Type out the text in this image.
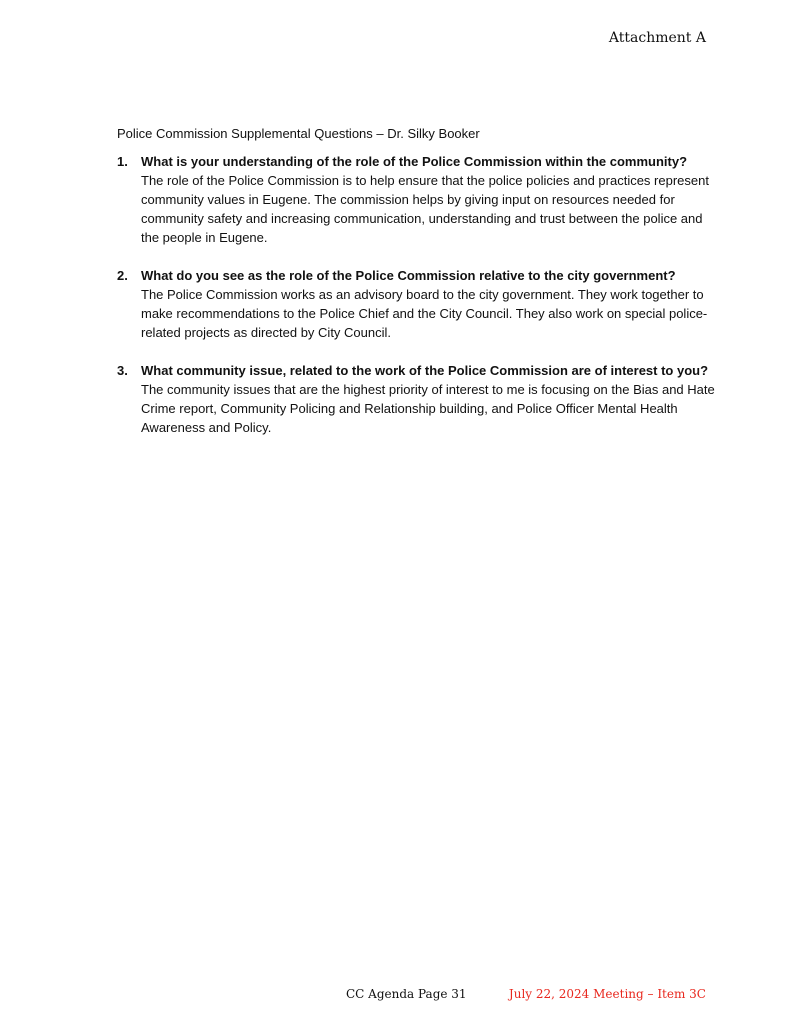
Attachment A
Police Commission Supplemental Questions – Dr. Silky Booker
1. What is your understanding of the role of the Police Commission within the community?
The role of the Police Commission is to help ensure that the police policies and practices represent community values in Eugene. The commission helps by giving input on resources needed for community safety and increasing communication, understanding and trust between the police and the people in Eugene.
2. What do you see as the role of the Police Commission relative to the city government?
The Police Commission works as an advisory board to the city government. They work together to make recommendations to the Police Chief and the City Council. They also work on special police-related projects as directed by City Council.
3. What community issue, related to the work of the Police Commission are of interest to you?
The community issues that are the highest priority of interest to me is focusing on the Bias and Hate Crime report, Community Policing and Relationship building, and Police Officer Mental Health Awareness and Policy.
CC Agenda Page 31	July 22, 2024 Meeting – Item 3C
